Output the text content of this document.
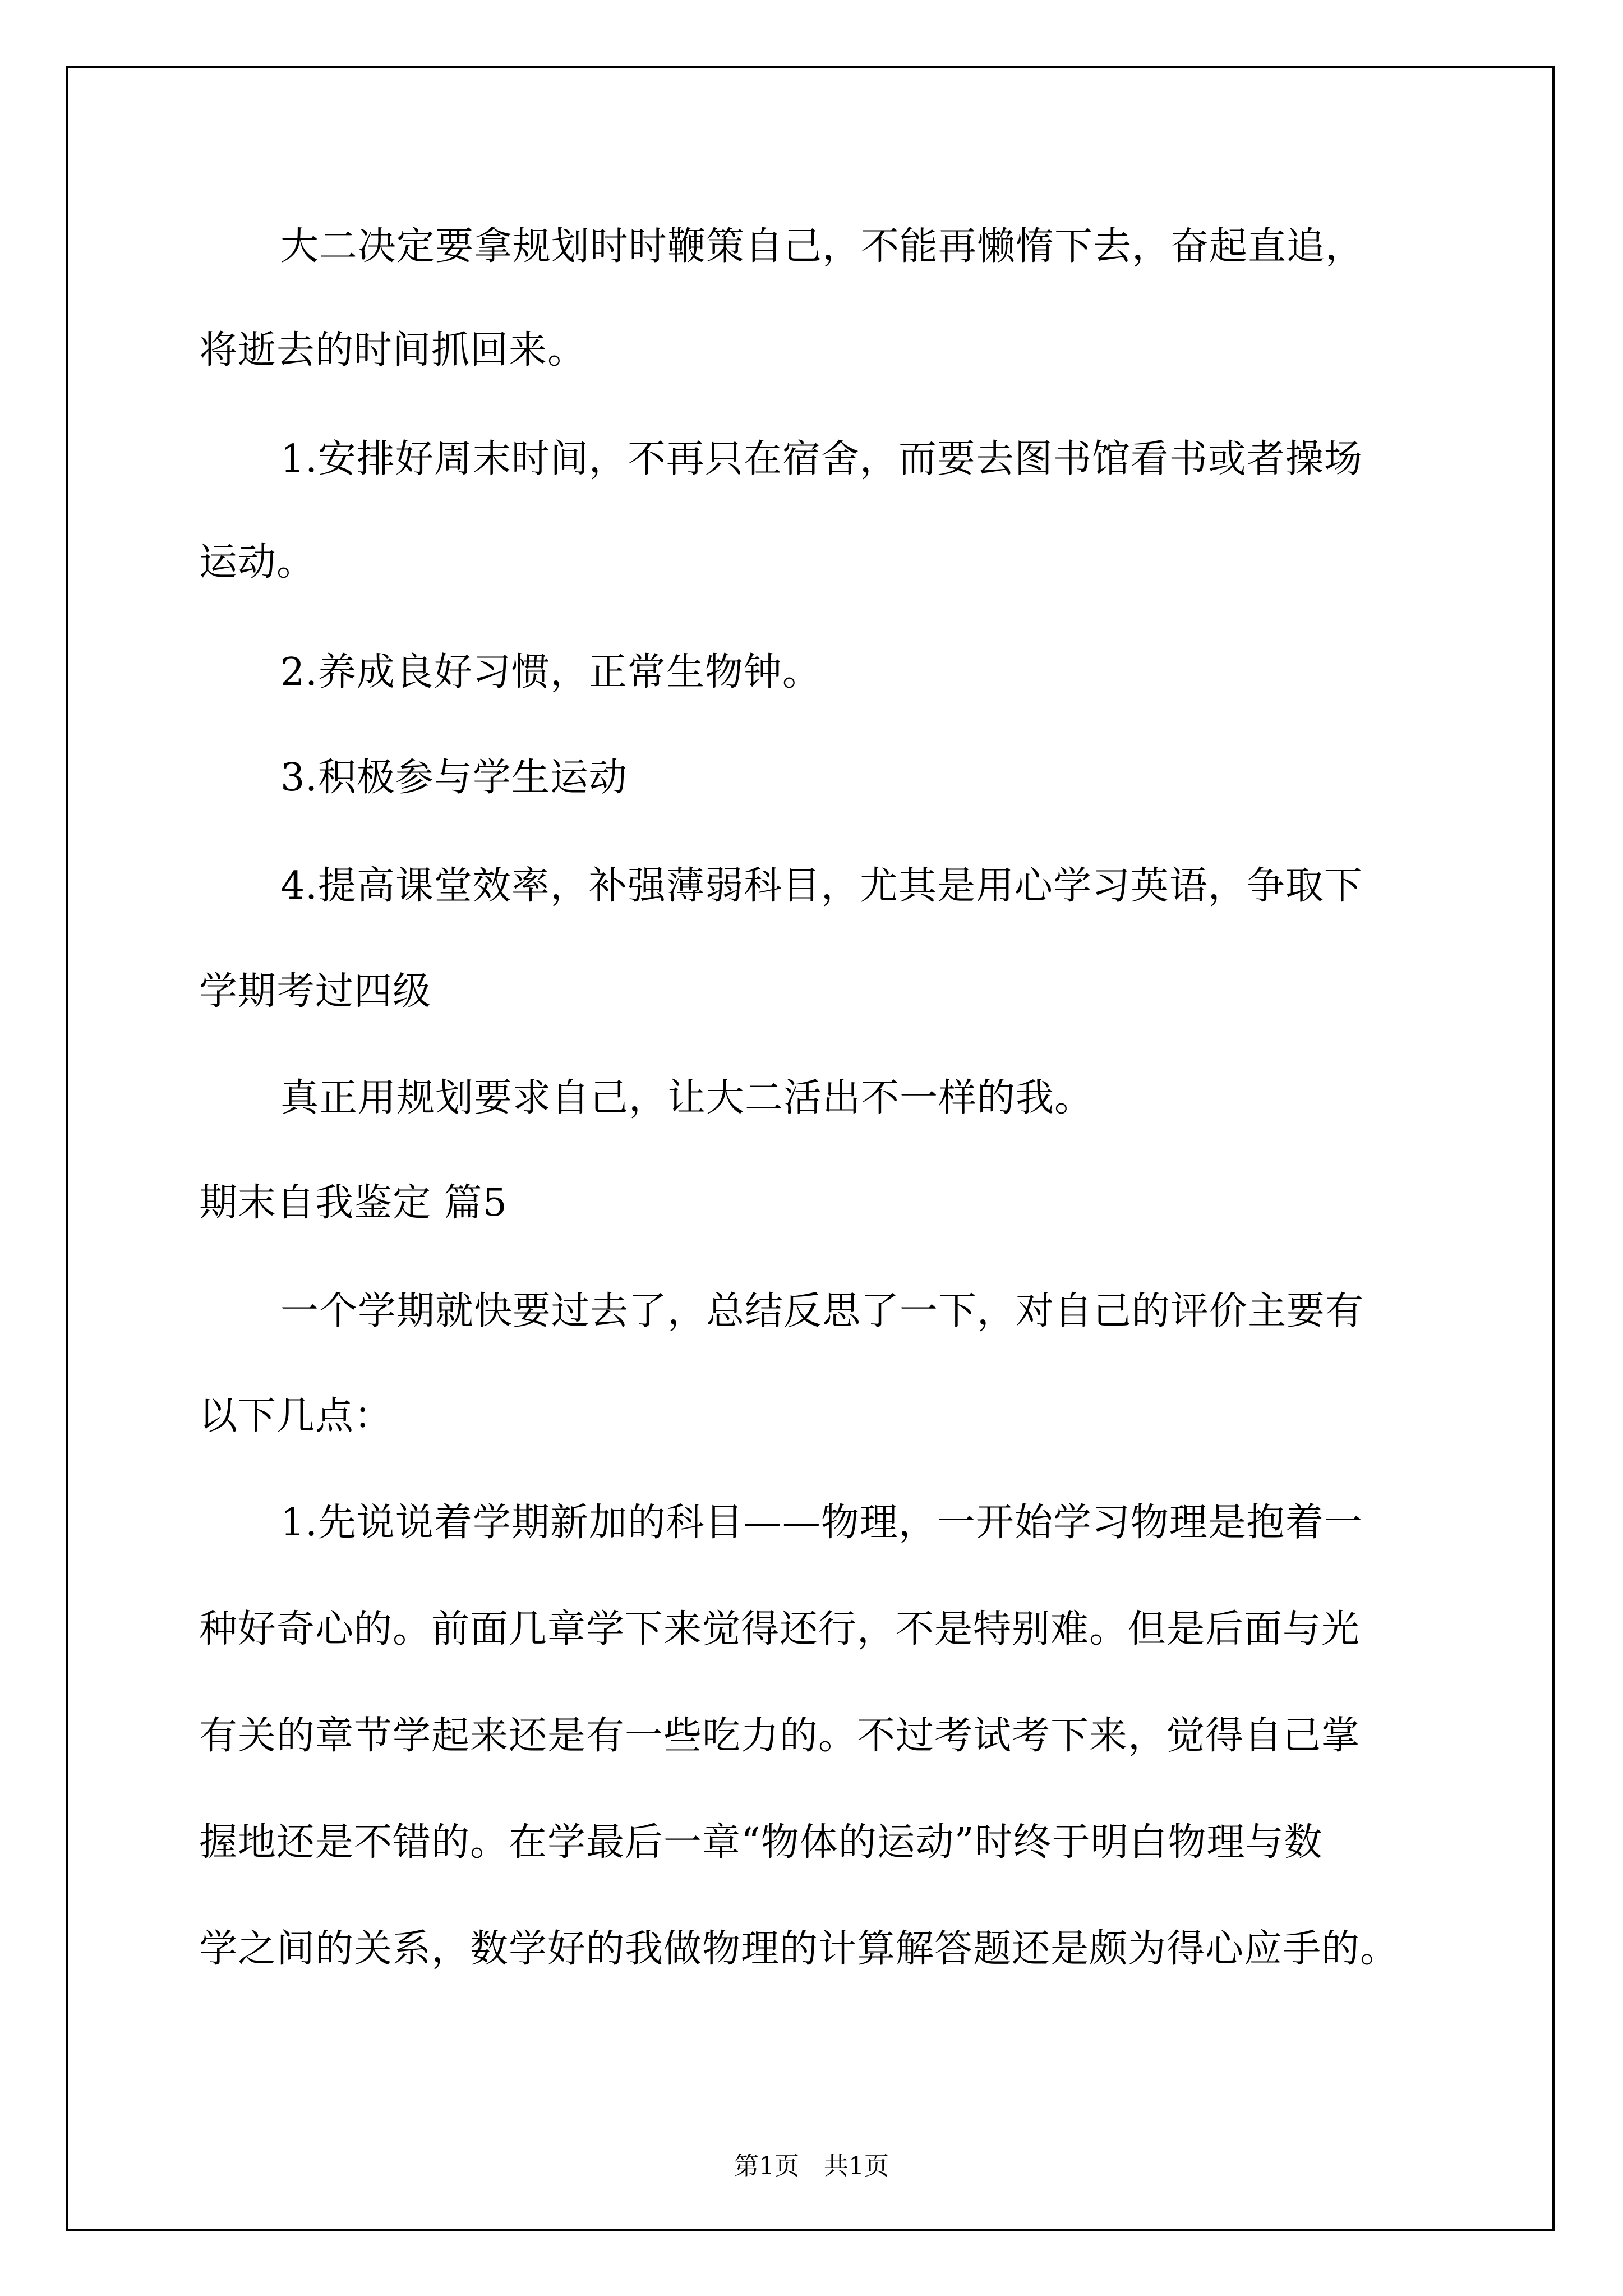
大二决定要拿规划时时鞭策自己，不能再懒惰下去，奋起直追，
将逝去的时间抓回来。
1.安排好周末时间，不再只在宿舍，而要去图书馆看书或者操场
运动。
2.养成良好习惯，正常生物钟。
3.积极参与学生运动
4.提高课堂效率，补强薄弱科目，尤其是用心学习英语，争取下
学期考过四级
真正用规划要求自己，让大二活出不一样的我。
期末自我鉴定 篇5
一个学期就快要过去了，总结反思了一下，对自己的评价主要有
以下几点：
1.先说说着学期新加的科目——物理，一开始学习物理是抱着一
种好奇心的。前面几章学下来觉得还行，不是特别难。但是后面与光
有关的章节学起来还是有一些吃力的。不过考试考下来，觉得自己掌
握地还是不错的。在学最后一章“物体的运动”时终于明白物理与数
学之间的关系，数学好的我做物理的计算解答题还是颇为得心应手的。
第1页　共1页
